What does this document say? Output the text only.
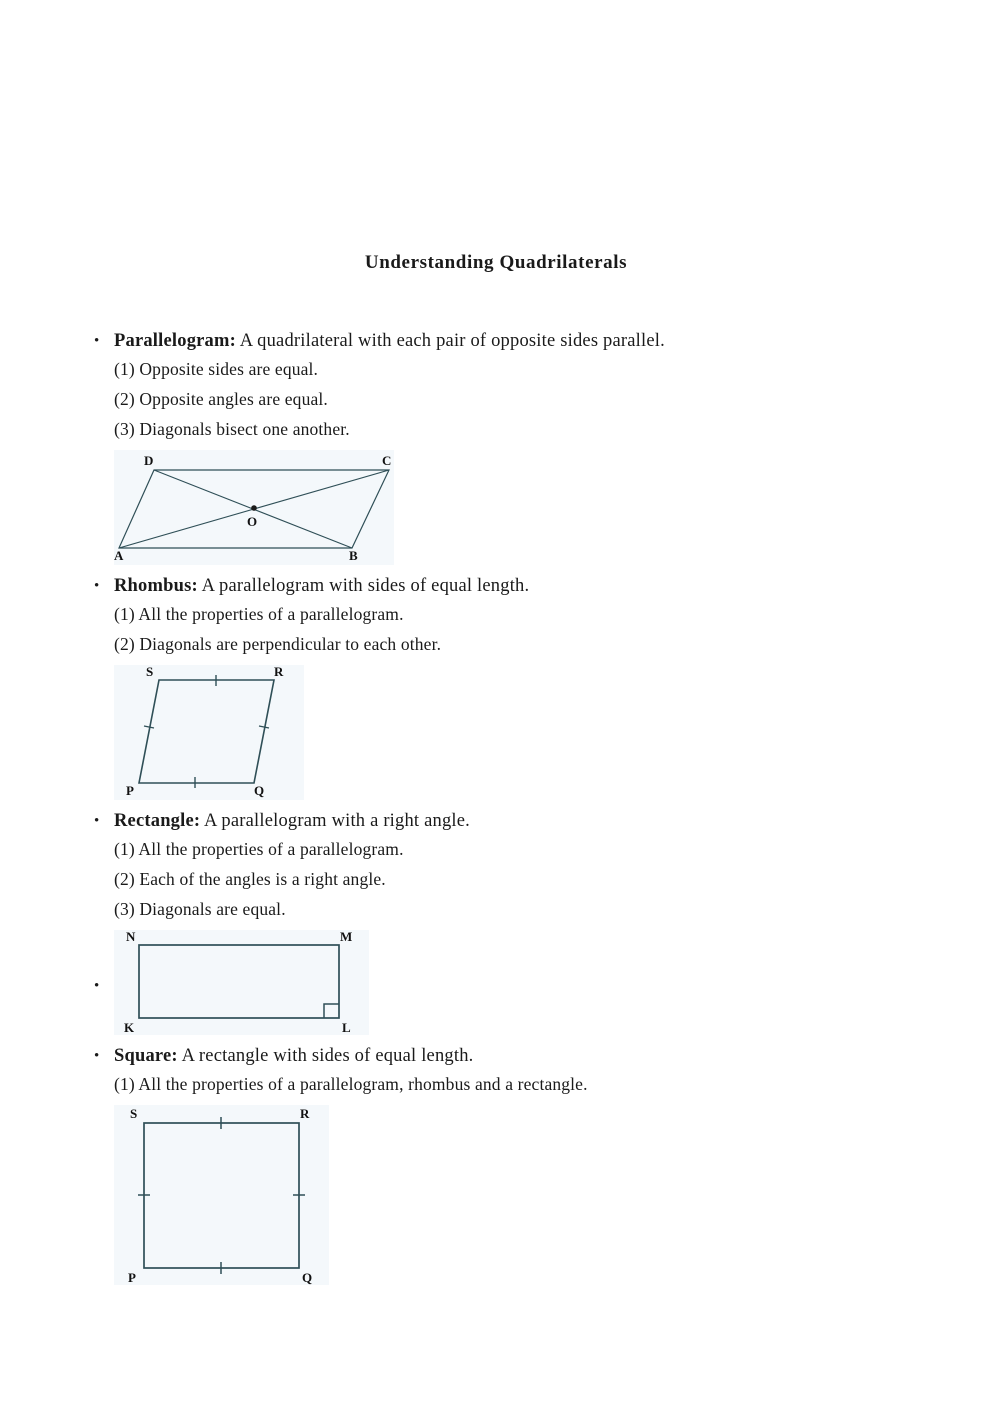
Understanding Quadrilaterals
• Parallelogram: A quadrilateral with each pair of opposite sides parallel.
(1) Opposite sides are equal.
(2) Opposite angles are equal.
(3) Diagonals bisect one another.
D	C
A	B
O
• Rhombus: A parallelogram with sides of equal length.
(1) All the properties of a parallelogram.
(2) Diagonals are perpendicular to each other.
S	R
P	Q
• Rectangle: A parallelogram with a right angle.
(1) All the properties of a parallelogram.
(2) Each of the angles is a right angle.
(3) Diagonals are equal.
N	M
K	L
•
• Square: A rectangle with sides of equal length.
(1) All the properties of a parallelogram, rhombus and a rectangle.
S	R
P	Q
